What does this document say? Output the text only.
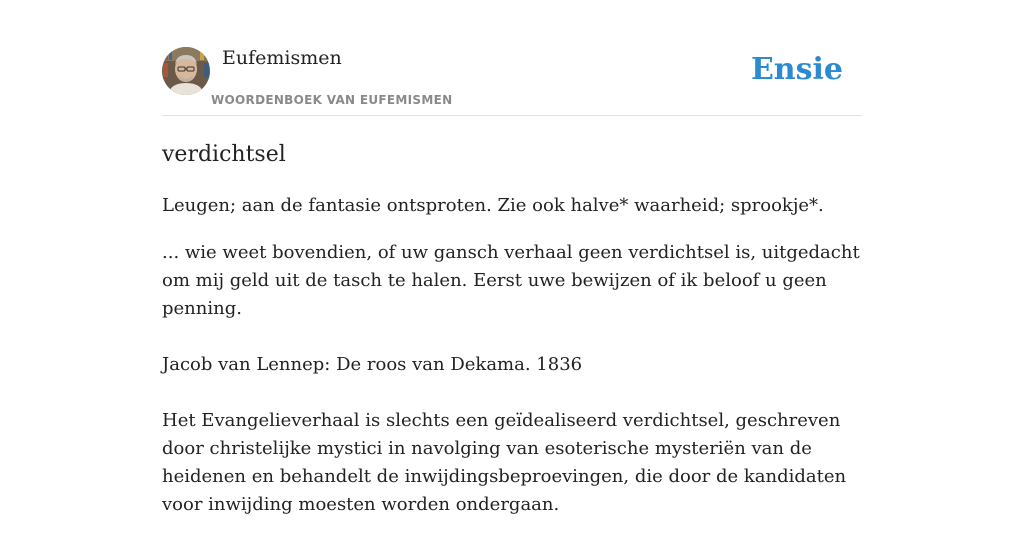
Eufemismen
WOORDENBOEK VAN EUFEMISMEN
Ensie
verdichtsel
Leugen; aan de fantasie ontsproten. Zie ook halve* waarheid; sprookje*.

... wie weet bovendien, of uw gansch verhaal geen verdichtsel is, uitgedacht om mij geld uit de tasch te halen. Eerst uwe bewijzen of ik beloof u geen penning.

Jacob van Lennep: De roos van Dekama. 1836

Het Evangelieverhaal is slechts een geïdealiseerd verdichtsel, geschreven door christelijke mystici in navolging van esoterische mysteriën van de heidenen en behandelt de inwijdingsbeproevingen, die door de kandidaten voor inwijding moesten worden ondergaan.
